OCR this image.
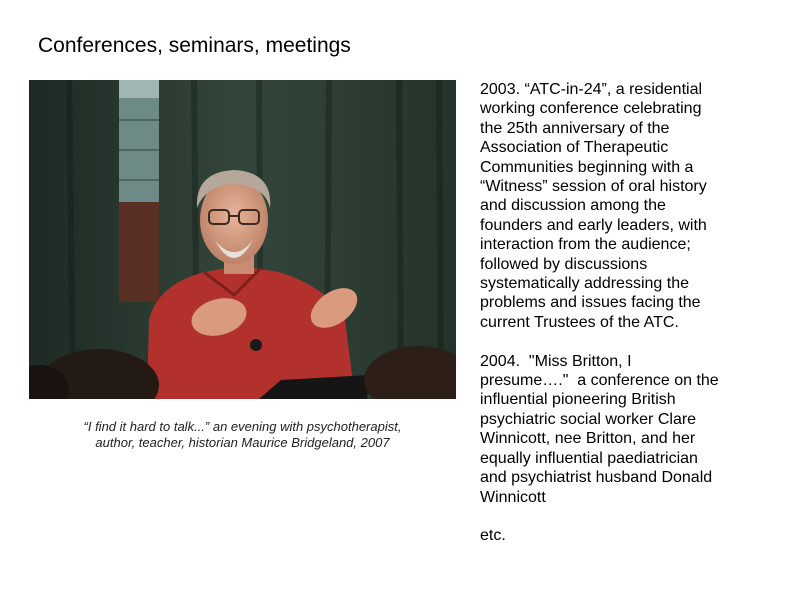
Conferences, seminars, meetings
“I find it hard to talk...” an evening with psychotherapist,
author, teacher, historian Maurice Bridgeland, 2007

2003. “ATC-in-24”, a residential

working conference celebrating

the 25th anniversary of the

Association of Therapeutic

Communities beginning with a

“Witness” session of oral history

and discussion among the

founders and early leaders, with

interaction from the audience;

followed by discussions

systematically addressing the

problems and issues facing the

current Trustees of the ATC.

2004.  "Miss Britton, I

presume…."  a conference on the

influential pioneering British

psychiatric social worker Clare

Winnicott, nee Britton, and her

equally influential paediatrician

and psychiatrist husband Donald

Winnicott

etc.
